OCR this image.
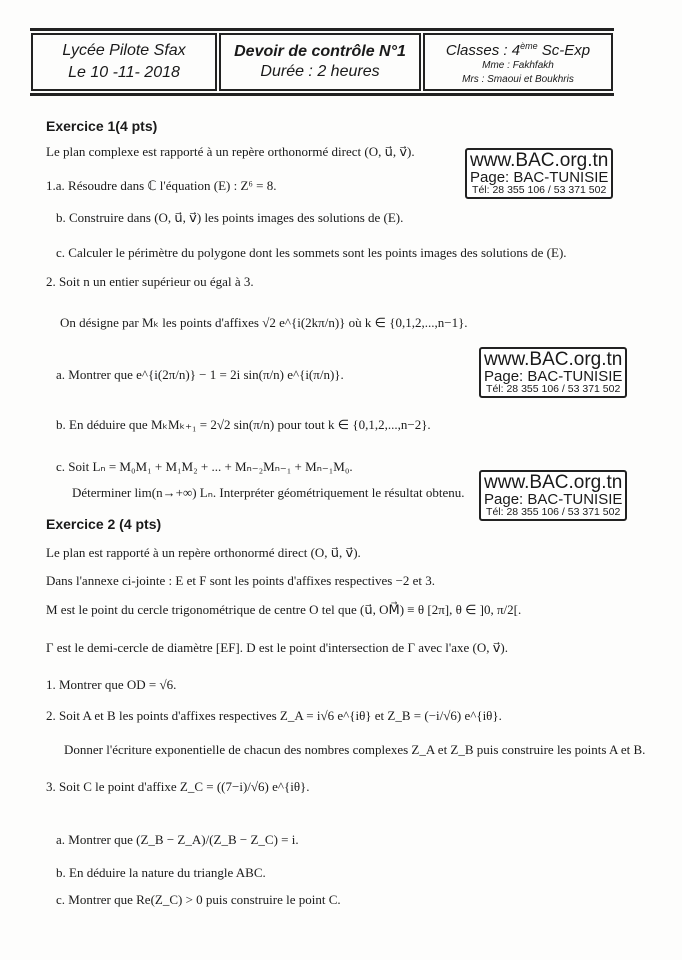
Lycée Pilote Sfax
Le 10 -11- 2018
Devoir de contrôle N°1
Durée : 2 heures
Classes : 4ème Sc-Exp
Mme : Fakhfakh
Mrs : Smaoui et Boukhris
www.BAC.org.tn
Page: BAC-TUNISIE
Tél: 28 355 106 / 53 371 502
www.BAC.org.tn
Page: BAC-TUNISIE
Tél: 28 355 106 / 53 371 502
www.BAC.org.tn
Page: BAC-TUNISIE
Tél: 28 355 106 / 53 371 502
Exercice 1(4 pts)
Le plan complexe est rapporté à un repère orthonormé direct (O, u⃗, v⃗).
1.a. Résoudre dans ℂ l'équation (E) : Z⁶ = 8.
b. Construire dans (O, u⃗, v⃗) les points images des solutions de (E).
c. Calculer le périmètre du polygone dont les sommets sont les points images des solutions de (E).
2. Soit n un entier supérieur ou égal à 3.
On désigne par Mₖ les points d'affixes √2 e^{i(2kπ/n)} où k ∈ {0,1,2,...,n−1}.
a. Montrer que e^{i(2π/n)} − 1 = 2i sin(π/n) e^{i(π/n)}.
b. En déduire que MₖMₖ₊₁ = 2√2 sin(π/n) pour tout k ∈ {0,1,2,...,n−2}.
c. Soit Lₙ = M₀M₁ + M₁M₂ + ... + Mₙ₋₂Mₙ₋₁ + Mₙ₋₁M₀.
Déterminer lim(n→+∞) Lₙ. Interpréter géométriquement le résultat obtenu.
Exercice 2 (4 pts)
Le plan est rapporté à un repère orthonormé direct (O, u⃗, v⃗).
Dans l'annexe ci-jointe : E et F sont les points d'affixes respectives −2 et 3.
M est le point du cercle trigonométrique de centre O tel que (u⃗, OM⃗) ≡ θ [2π], θ ∈ ]0, π/2[.
Γ est le demi-cercle de diamètre [EF]. D est le point d'intersection de Γ avec l'axe (O, v⃗).
1. Montrer que OD = √6.
2. Soit A et B les points d'affixes respectives Z_A = i√6 e^{iθ} et Z_B = (−i/√6) e^{iθ}.
Donner l'écriture exponentielle de chacun des nombres complexes Z_A et Z_B puis construire les points A et B.
3. Soit C le point d'affixe Z_C = ((7−i)/√6) e^{iθ}.
a. Montrer que (Z_B − Z_A)/(Z_B − Z_C) = i.
b. En déduire la nature du triangle ABC.
c. Montrer que Re(Z_C) > 0 puis construire le point C.
